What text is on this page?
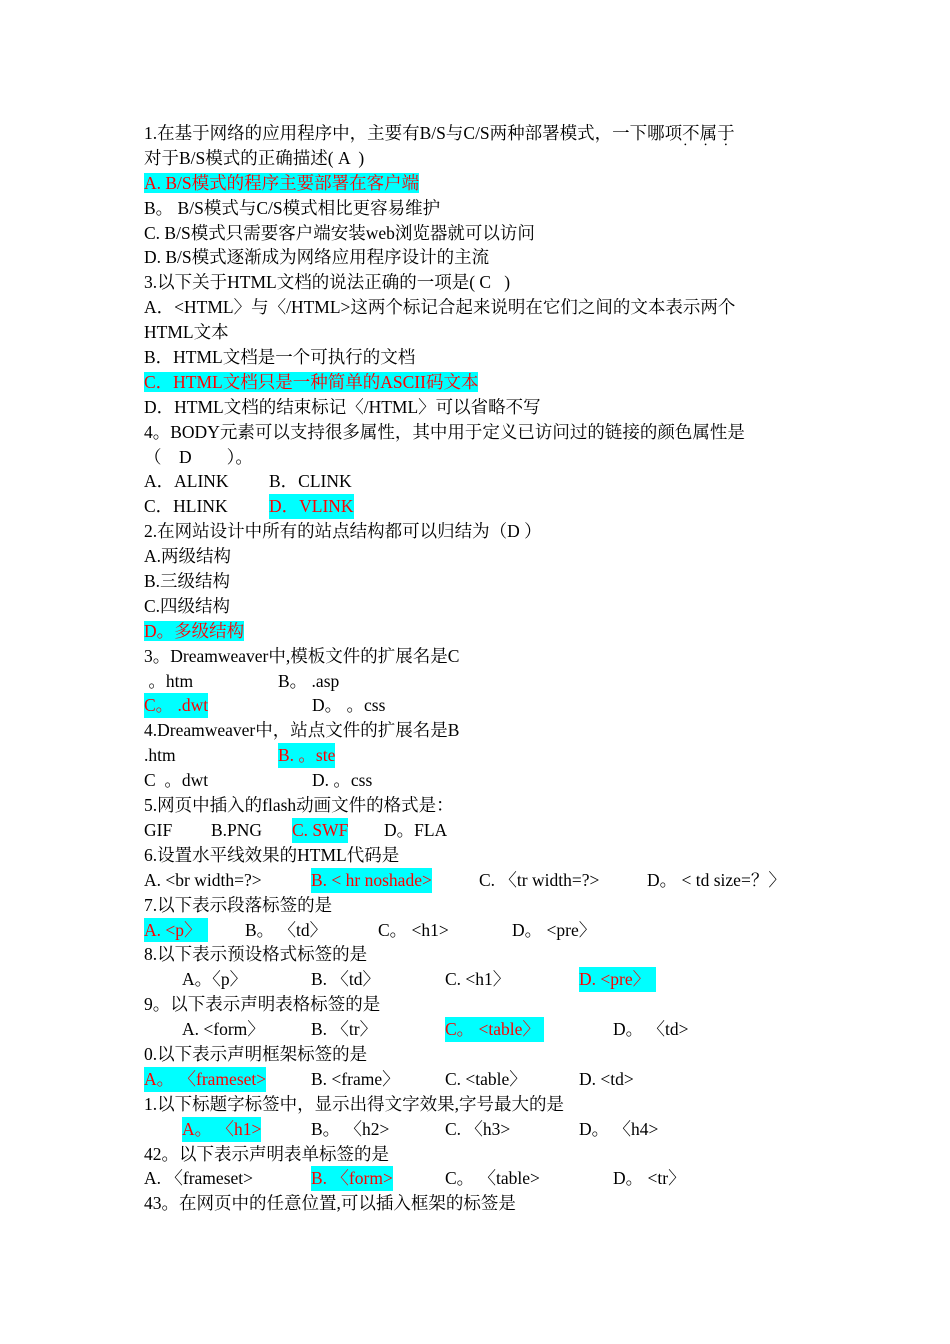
1.在基于网络的应用程序中，主要有B/S与C/S两种部署模式，一下哪项不属于 • • •
对于B/S模式的正确描述( A  )
A. B/S模式的程序主要部署在客户端
B。 B/S模式与C/S模式相比更容易维护
C. B/S模式只需要客户端安装web浏览器就可以访问
D. B/S模式逐渐成为网络应用程序设计的主流
3.以下关于HTML文档的说法正确的一项是( C   )
A．<HTML〉与〈/HTML>这两个标记合起来说明在它们之间的文本表示两个
HTML文本
B．HTML文档是一个可执行的文档
C．HTML文档只是一种简单的ASCII码文本
D．HTML文档的结束标记〈/HTML〉可以省略不写
4。BODY元素可以支持很多属性，其中用于定义已访问过的链接的颜色属性是
（    D        ）。

A．ALINK

B．CLINK

C．HLINK

D．VLINK

2.在网站设计中所有的站点结构都可以归结为（D ）
A.两级结构
B.三级结构
C.四级结构
D。多级结构
3。Dreamweaver中,模板文件的扩展名是C

。htm

	B。 .asp

C。 .dwt

	D。 。css

4.Dreamweaver中，站点文件的扩展名是B

.htm

	B. 。ste

C  。dwt

	D. 。css

5.网页中插入的flash动画文件的格式是：

GIF

B.PNG

C. SWF

D。FLA

6.设置水平线效果的HTML代码是

A. <br width=?>

	B. < hr noshade>

	C. 〈tr width=?>

	D。 < td size=？〉

7.以下表示段落标签的是

A. <p〉

	B。 〈td〉

	C。 <h1>

	D。 <pre〉

8.以下表示预设格式标签的是

A。〈p〉

	B. 〈td〉

	C. <h1〉

	D. <pre〉

9。以下表示声明表格标签的是

A. <form〉

	B. 〈tr〉

	C。 <table〉

	D。 〈td>

0.以下表示声明框架标签的是

A。 〈frameset>

	B. <frame〉

	C. <table〉

	D. <td>

1.以下标题字标签中，显示出得文字效果,字号最大的是

A。 〈h1>

	B。 〈h2>

	C. 〈h3>

	D。 〈h4>

42。以下表示声明表单标签的是

A. 〈frameset>

	B. 〈form>

	C。 〈table>

	D。 <tr〉

43。在网页中的任意位置,可以插入框架的标签是
